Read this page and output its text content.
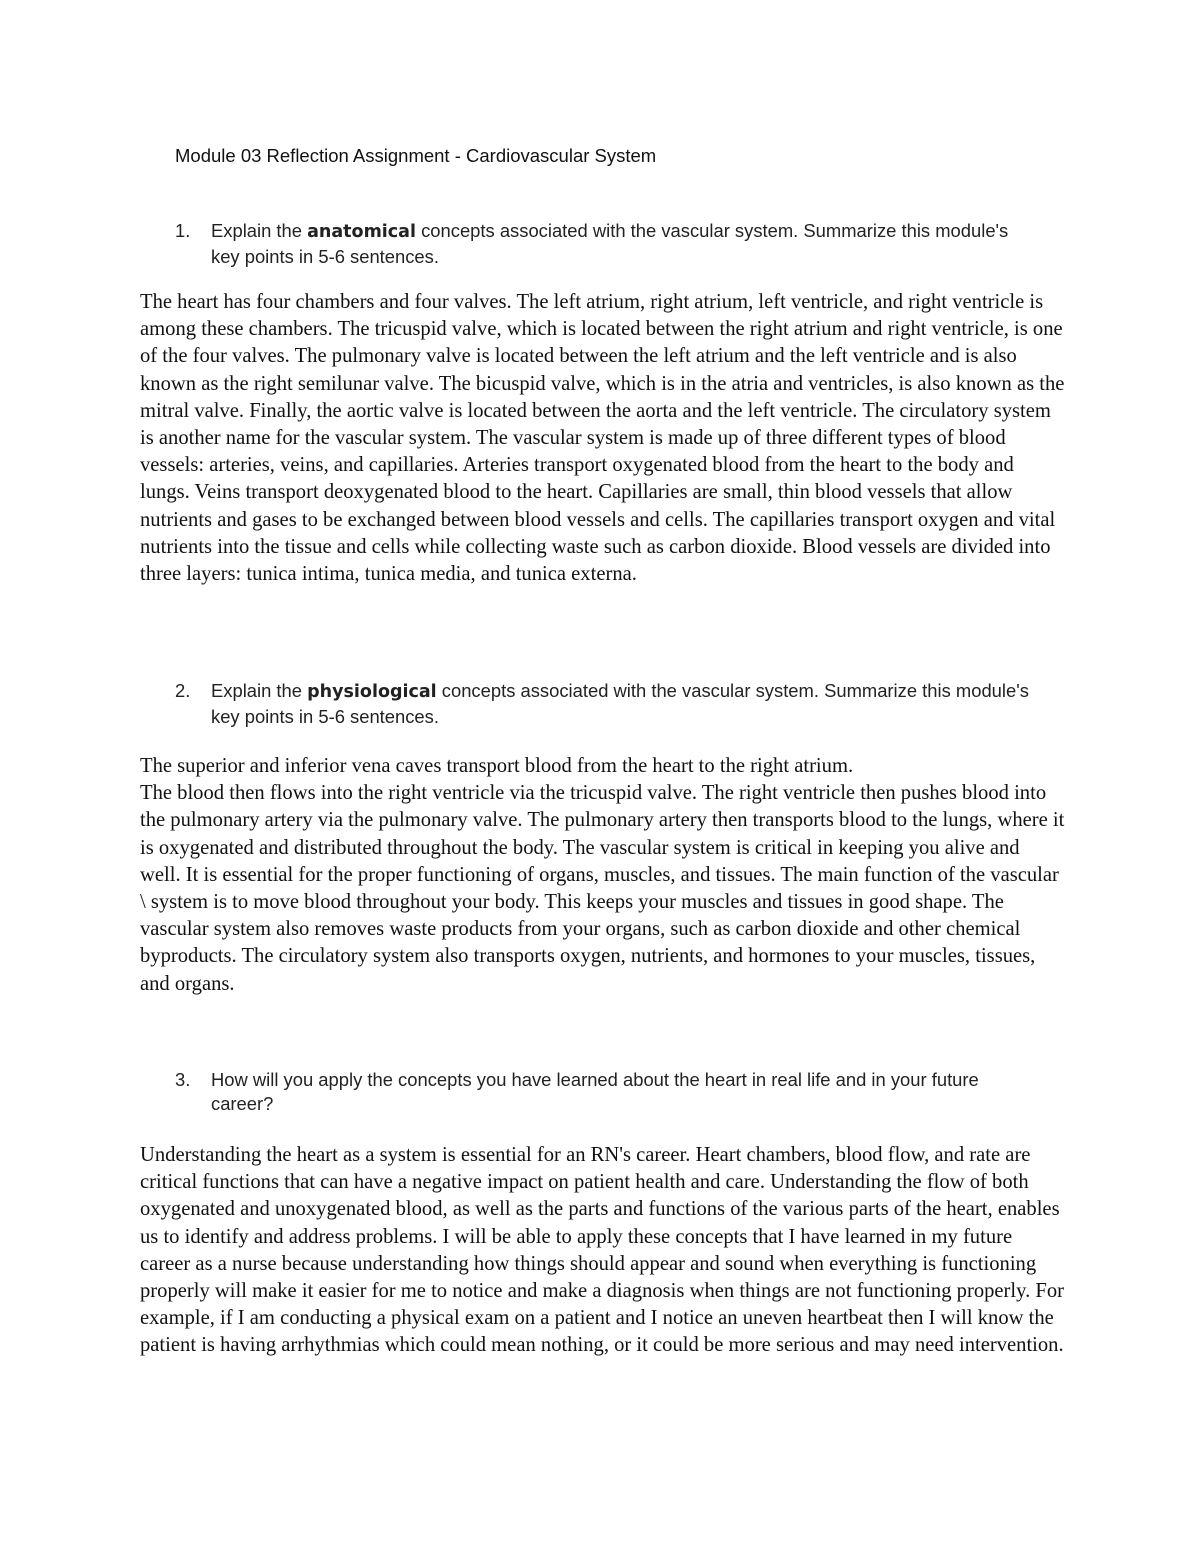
Module 03 Reflection Assignment - Cardiovascular System
1.	Explain the anatomical concepts associated with the vascular system. Summarize this module's key points in 5-6 sentences.

The heart has four chambers and four valves. The left atrium, right atrium, left ventricle, and right ventricle is among these chambers. The tricuspid valve, which is located between the right atrium and right ventricle, is one of the four valves. The pulmonary valve is located between the left atrium and the left ventricle and is also known as the right semilunar valve. The bicuspid valve, which is in the atria and ventricles, is also known as the mitral valve. Finally, the aortic valve is located between the aorta and the left ventricle. The circulatory system is another name for the vascular system. The vascular system is made up of three different types of blood vessels: arteries, veins, and capillaries. Arteries transport oxygenated blood from the heart to the body and lungs. Veins transport deoxygenated blood to the heart. Capillaries are small, thin blood vessels that allow nutrients and gases to be exchanged between blood vessels and cells. The capillaries transport oxygen and vital nutrients into the tissue and cells while collecting waste such as carbon dioxide. Blood vessels are divided into three layers: tunica intima, tunica media, and tunica externa.

2.	Explain the physiological concepts associated with the vascular system. Summarize this module's key points in 5-6 sentences.
The superior and inferior vena caves transport blood from the heart to the right atrium.
The blood then flows into the right ventricle via the tricuspid valve. The right ventricle then pushes blood into the pulmonary artery via the pulmonary valve. The pulmonary artery then transports blood to the lungs, where it is oxygenated and distributed throughout the body. The vascular system is critical in keeping you alive and well. It is essential for the proper functioning of organs, muscles, and tissues. The main function of the vascular \ system is to move blood throughout your body. This keeps your muscles and tissues in good shape. The vascular system also removes waste products from your organs, such as carbon dioxide and other chemical byproducts. The circulatory system also transports oxygen, nutrients, and hormones to your muscles, tissues, and organs.
3.	How will you apply the concepts you have learned about the heart in real life and in your future career?

Understanding the heart as a system is essential for an RN's career. Heart chambers, blood flow, and rate are critical functions that can have a negative impact on patient health and care. Understanding the flow of both oxygenated and unoxygenated blood, as well as the parts and functions of the various parts of the heart, enables us to identify and address problems. I will be able to apply these concepts that I have learned in my future career as a nurse because understanding how things should appear and sound when everything is functioning properly will make it easier for me to notice and make a diagnosis when things are not functioning properly. For example, if I am conducting a physical exam on a patient and I notice an uneven heartbeat then I will know the patient is having arrhythmias which could mean nothing, or it could be more serious and may need intervention.
